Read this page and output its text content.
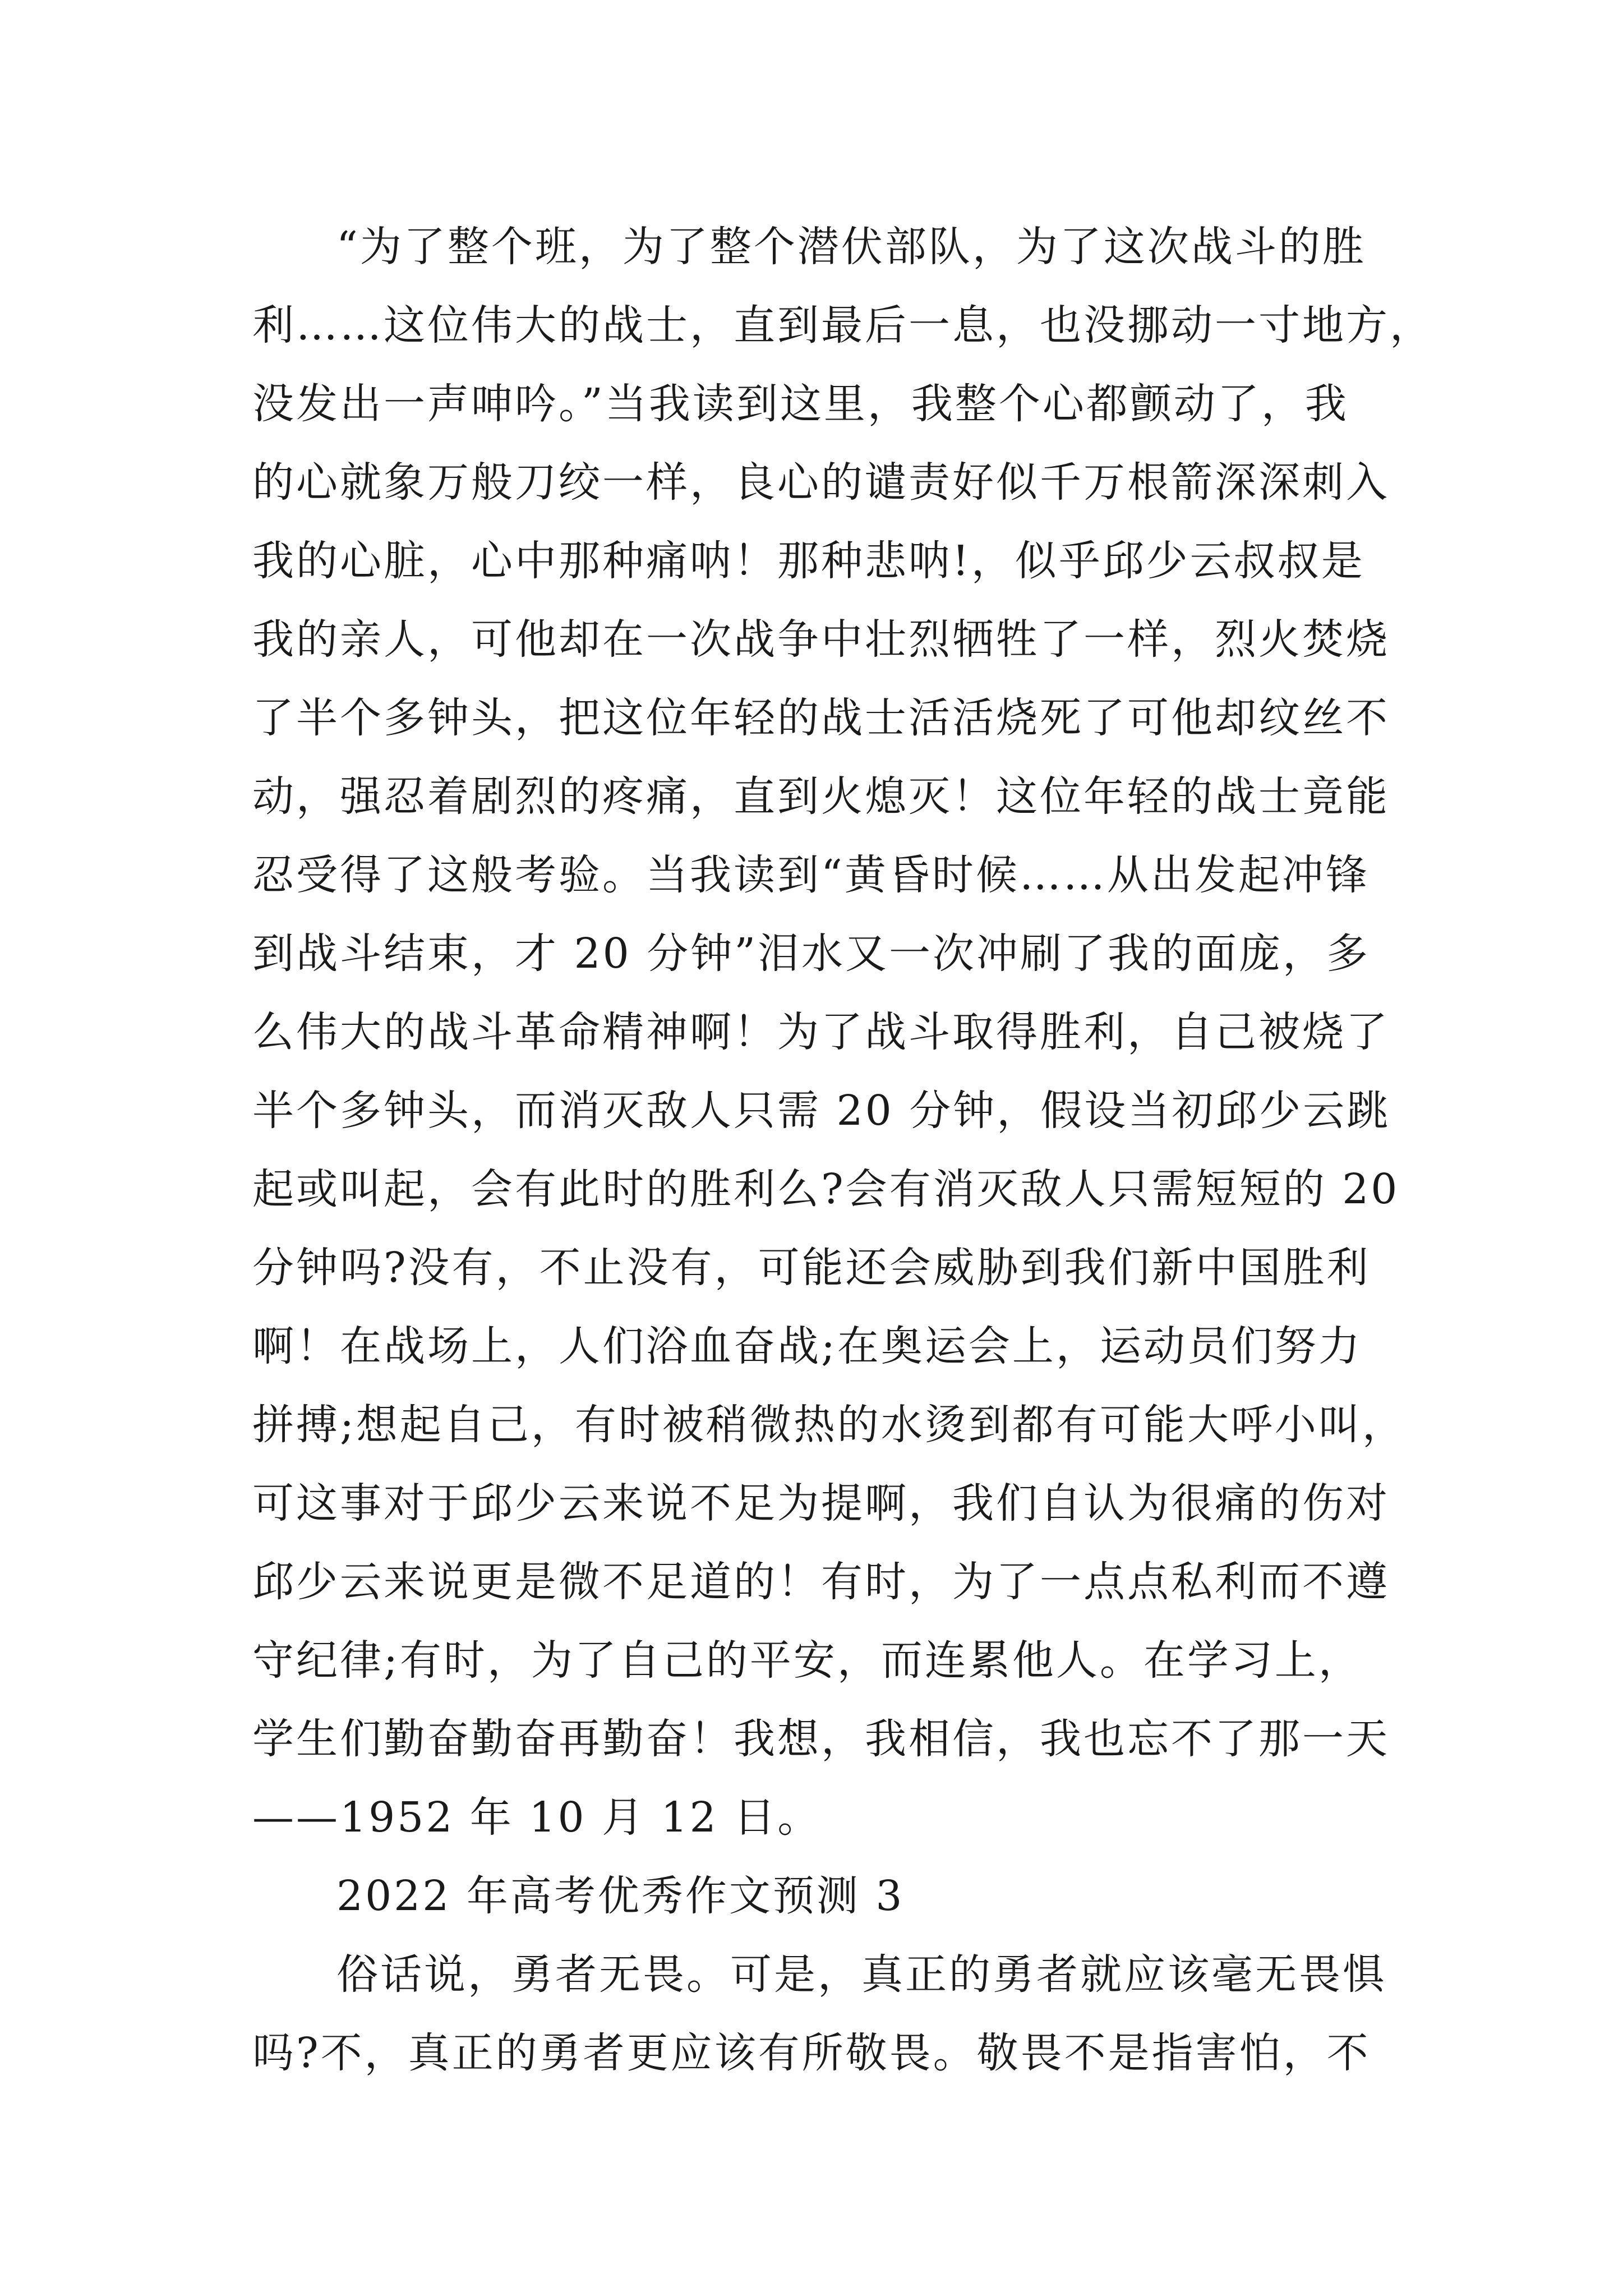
“为了整个班，为了整个潜伏部队，为了这次战斗的胜
利……这位伟大的战士，直到最后一息，也没挪动一寸地方，
没发出一声呻吟。”当我读到这里，我整个心都颤动了，我
的心就象万般刀绞一样，良心的谴责好似千万根箭深深刺入
我的心脏，心中那种痛呐！那种悲呐!，似乎邱少云叔叔是
我的亲人，可他却在一次战争中壮烈牺牲了一样，烈火焚烧
了半个多钟头，把这位年轻的战士活活烧死了可他却纹丝不
动，强忍着剧烈的疼痛，直到火熄灭！这位年轻的战士竟能
忍受得了这般考验。当我读到“黄昏时候……从出发起冲锋
到战斗结束，才 20 分钟”泪水又一次冲刷了我的面庞，多
么伟大的战斗革命精神啊！为了战斗取得胜利，自己被烧了
半个多钟头，而消灭敌人只需 20 分钟，假设当初邱少云跳
起或叫起，会有此时的胜利么?会有消灭敌人只需短短的 20
分钟吗?没有，不止没有，可能还会威胁到我们新中国胜利
啊！在战场上，人们浴血奋战;在奥运会上，运动员们努力
拼搏;想起自己，有时被稍微热的水烫到都有可能大呼小叫，
可这事对于邱少云来说不足为提啊，我们自认为很痛的伤对
邱少云来说更是微不足道的！有时，为了一点点私利而不遵
守纪律;有时，为了自己的平安，而连累他人。在学习上，
学生们勤奋勤奋再勤奋！我想，我相信，我也忘不了那一天
——1952 年 10 月 12 日。
2022 年高考优秀作文预测 3
俗话说，勇者无畏。可是，真正的勇者就应该毫无畏惧
吗?不，真正的勇者更应该有所敬畏。敬畏不是指害怕，不
